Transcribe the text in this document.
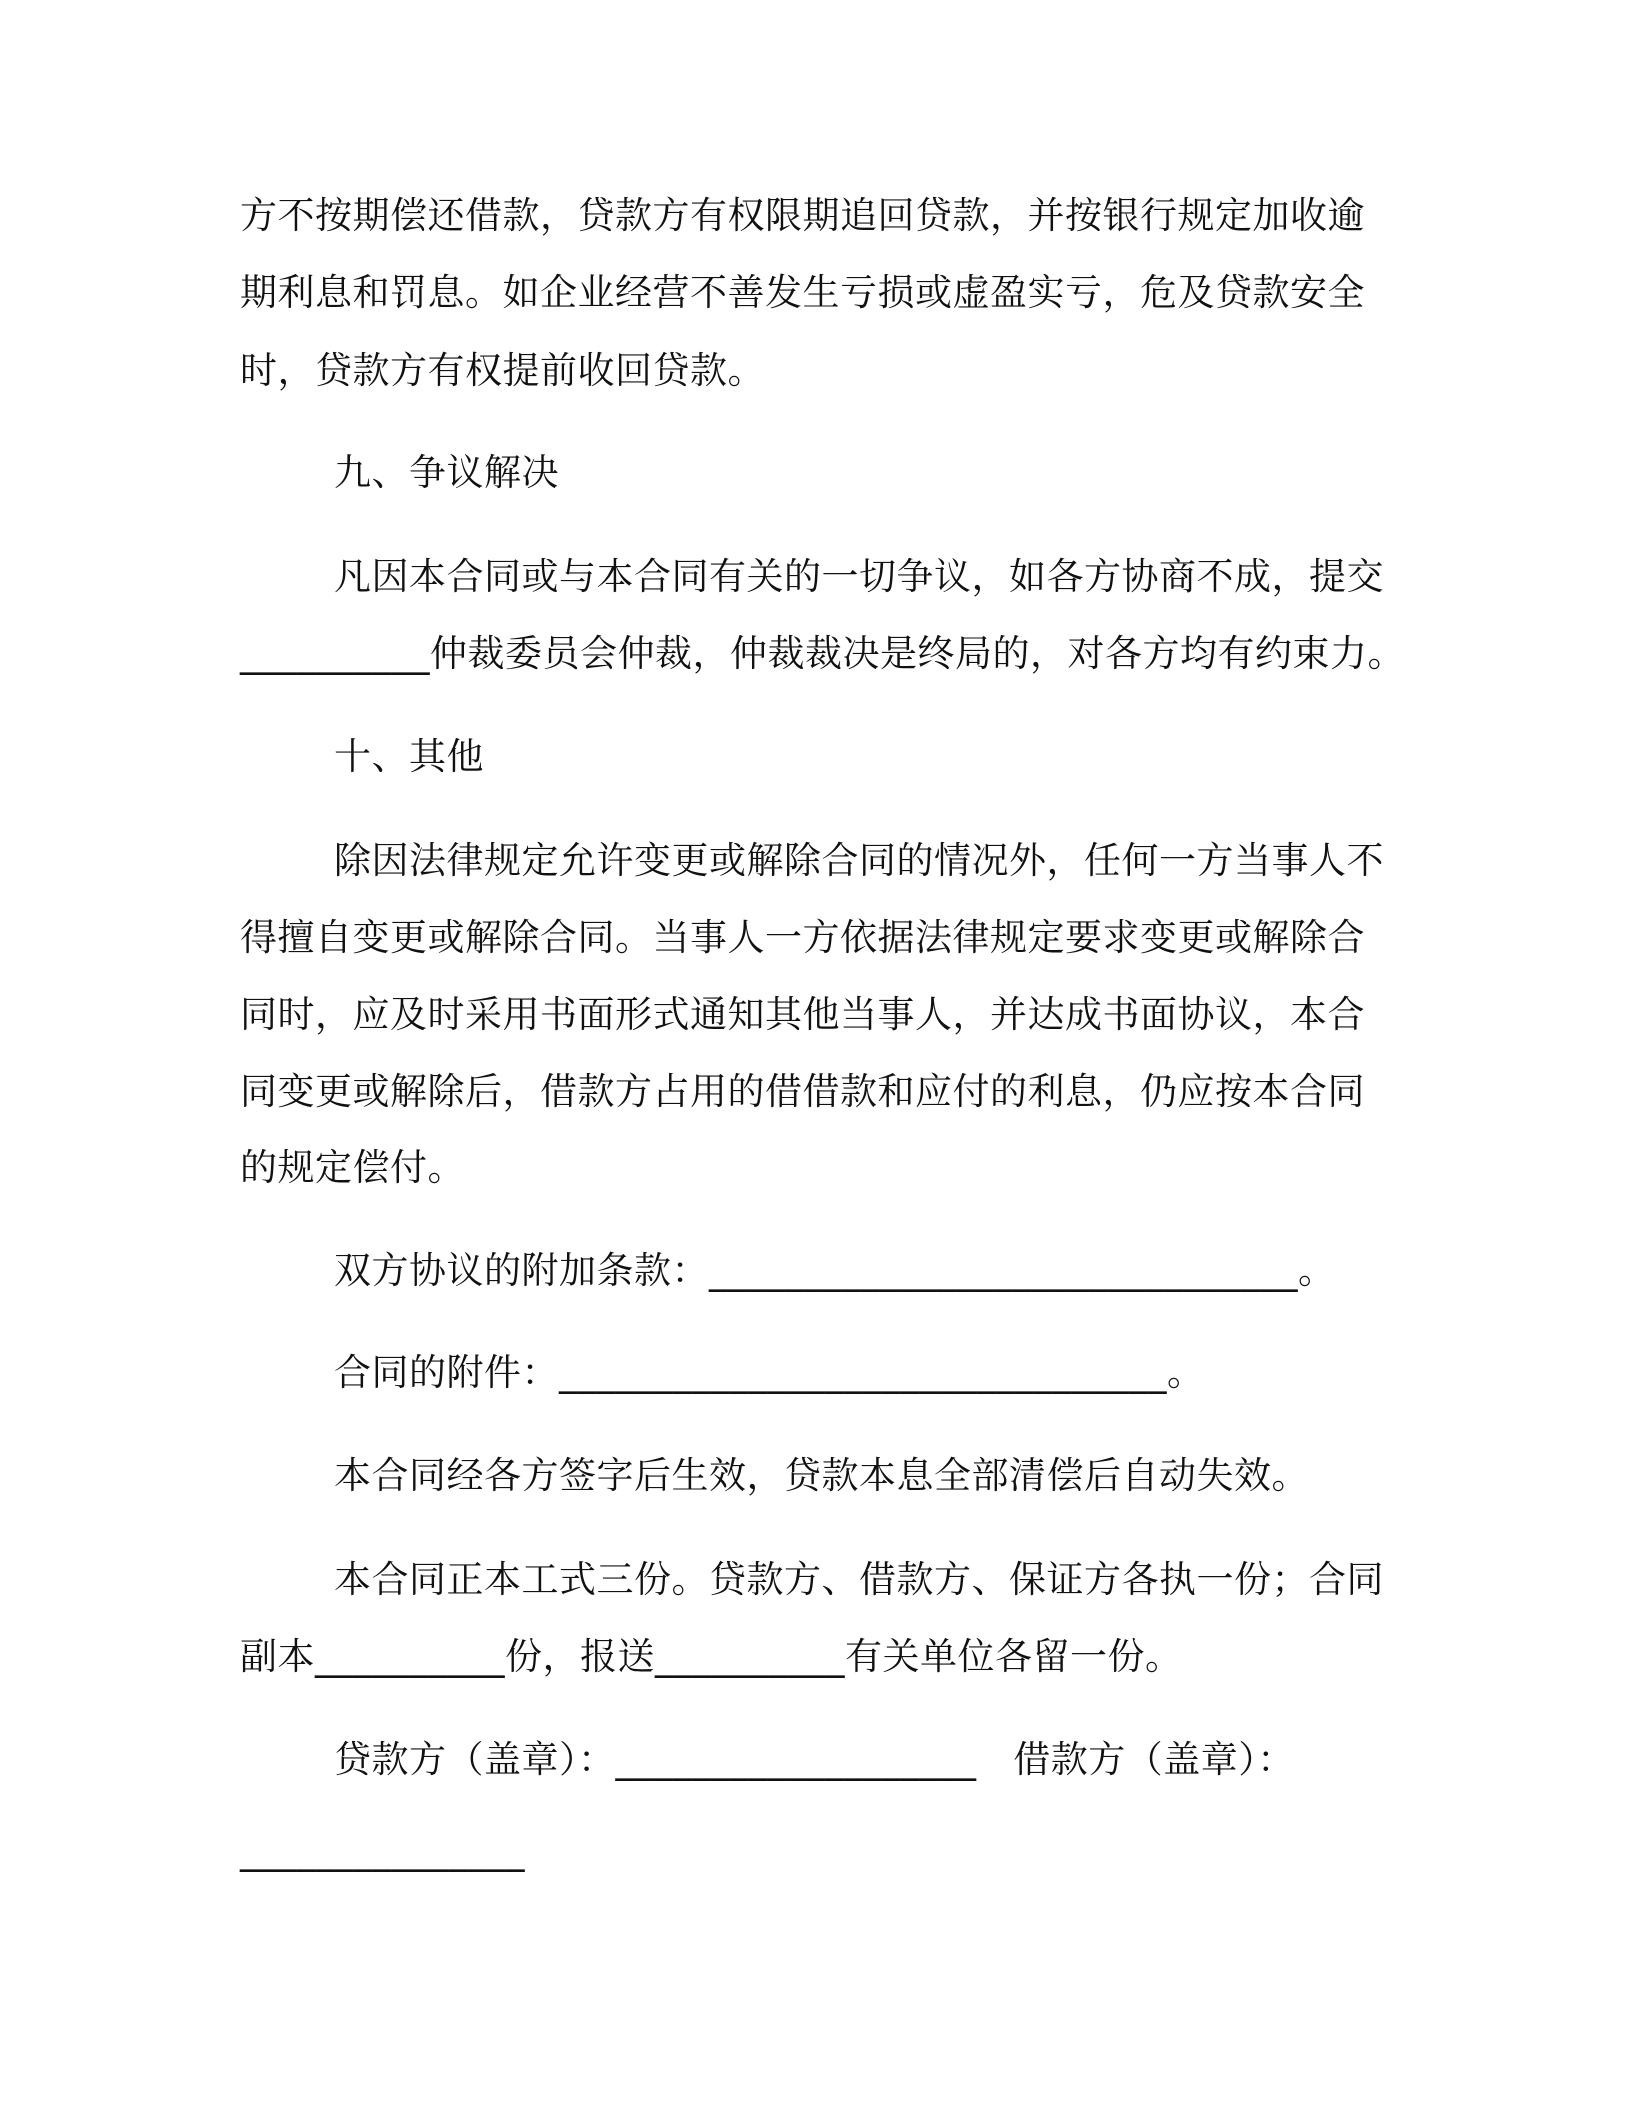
方不按期偿还借款，贷款方有权限期追回贷款，并按银行规定加收逾
期利息和罚息。如企业经营不善发生亏损或虚盈实亏，危及贷款安全
时，贷款方有权提前收回贷款。
九、争议解决
凡因本合同或与本合同有关的一切争议，如各方协商不成，提交
__________仲裁委员会仲裁，仲裁裁决是终局的，对各方均有约束力。
十、其他
除因法律规定允许变更或解除合同的情况外，任何一方当事人不
得擅自变更或解除合同。当事人一方依据法律规定要求变更或解除合
同时，应及时采用书面形式通知其他当事人，并达成书面协议，本合
同变更或解除后，借款方占用的借借款和应付的利息，仍应按本合同
的规定偿付。
双方协议的附加条款：_______________________________。
合同的附件：________________________________。
本合同经各方签字后生效，贷款本息全部清偿后自动失效。
本合同正本工式三份。贷款方、借款方、保证方各执一份；合同
副本__________份，报送__________有关单位各留一份。
贷款方（盖章）：___________________   借款方（盖章）：
_______________
